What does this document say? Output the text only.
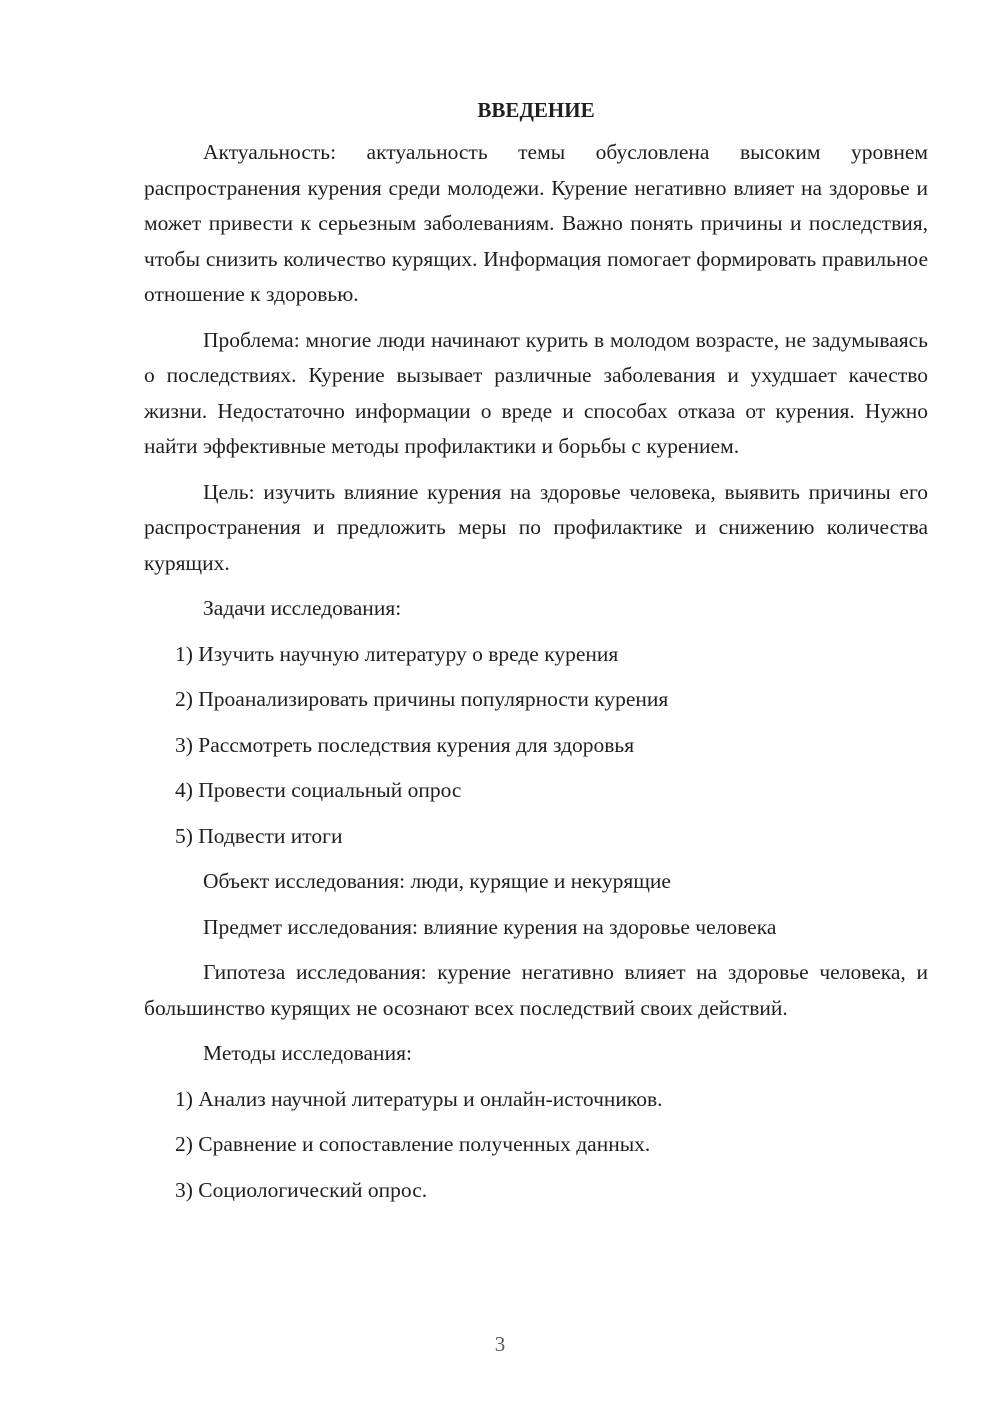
ВВЕДЕНИЕ

Актуальность: актуальность темы обусловлена высоким уровнем распространения курения среди молодежи. Курение негативно влияет на здоровье и может привести к серьезным заболеваниям. Важно понять причины и последствия, чтобы снизить количество курящих. Информация помогает формировать правильное отношение к здоровью.

Проблема: многие люди начинают курить в молодом возрасте, не задумываясь о последствиях. Курение вызывает различные заболевания и ухудшает качество жизни. Недостаточно информации о вреде и способах отказа от курения. Нужно найти эффективные методы профилактики и борьбы с курением.

Цель: изучить влияние курения на здоровье человека, выявить причины его распространения и предложить меры по профилактике и снижению количества курящих.

Задачи исследования:
1) Изучить научную литературу о вреде курения
2) Проанализировать причины популярности курения
3) Рассмотреть последствия курения для здоровья
4) Провести социальный опрос
5) Подвести итоги
Объект исследования: люди, курящие и некурящие
Предмет исследования: влияние курения на здоровье человека

Гипотеза исследования: курение негативно влияет на здоровье человека, и большинство курящих не осознают всех последствий своих действий.

Методы исследования:
1) Анализ научной литературы и онлайн-источников.
2) Сравнение и сопоставление полученных данных.
3) Социологический опрос.
3
